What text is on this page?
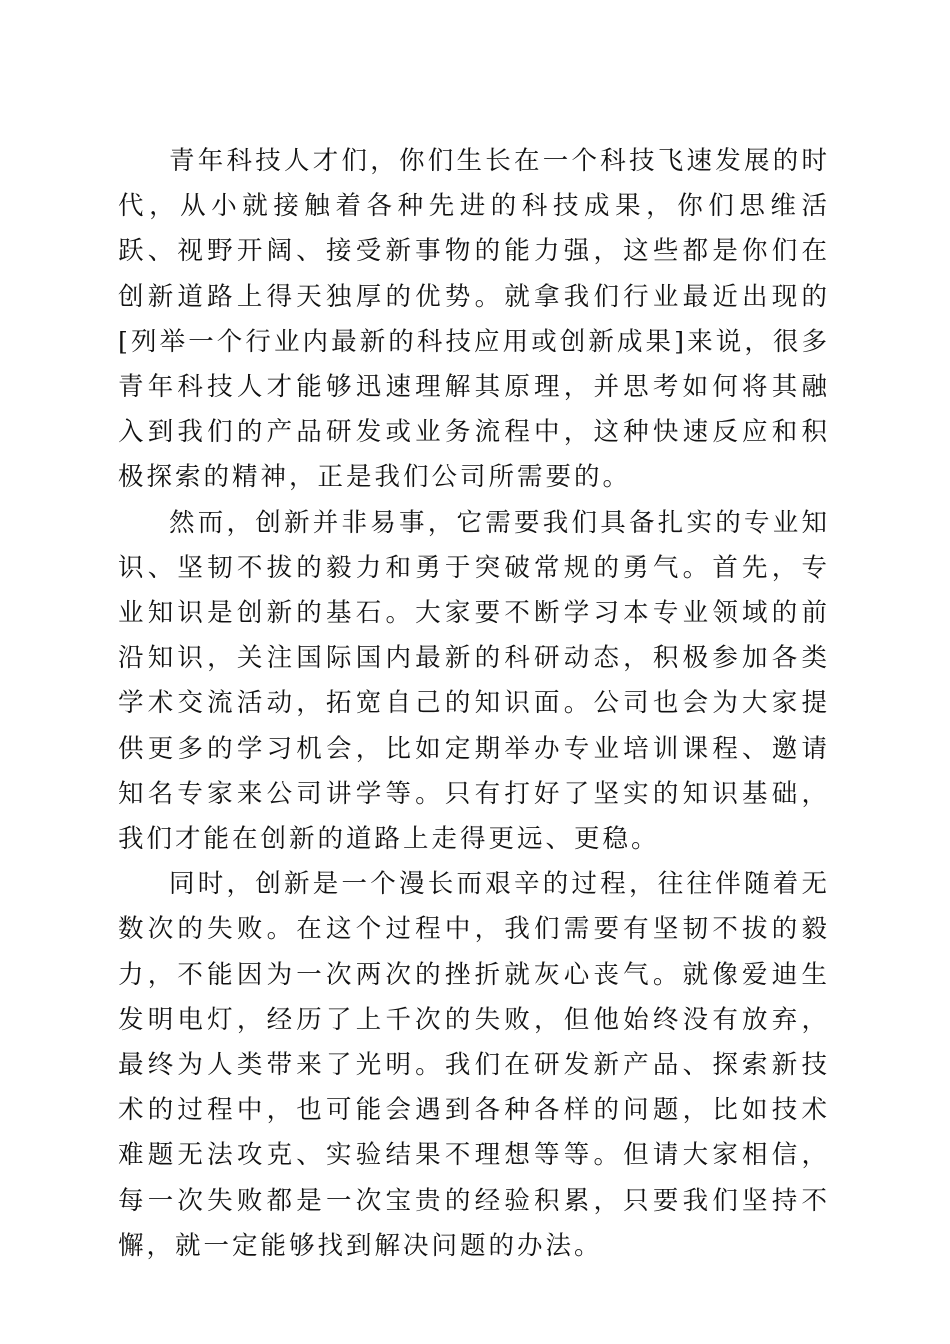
青年科技人才们，你们生长在一个科技飞速发展的时代，从小就接触着各种先进的科技成果，你们思维活跃、视野开阔、接受新事物的能力强，这些都是你们在创新道路上得天独厚的优势。就拿我们行业最近出现的[列举一个行业内最新的科技应用或创新成果]来说，很多青年科技人才能够迅速理解其原理，并思考如何将其融入到我们的产品研发或业务流程中，这种快速反应和积极探索的精神，正是我们公司所需要的。

然而，创新并非易事，它需要我们具备扎实的专业知识、坚韧不拔的毅力和勇于突破常规的勇气。首先，专业知识是创新的基石。大家要不断学习本专业领域的前沿知识，关注国际国内最新的科研动态，积极参加各类学术交流活动，拓宽自己的知识面。公司也会为大家提供更多的学习机会，比如定期举办专业培训课程、邀请知名专家来公司讲学等。只有打好了坚实的知识基础，我们才能在创新的道路上走得更远、更稳。

同时，创新是一个漫长而艰辛的过程，往往伴随着无数次的失败。在这个过程中，我们需要有坚韧不拔的毅力，不能因为一次两次的挫折就灰心丧气。就像爱迪生发明电灯，经历了上千次的失败，但他始终没有放弃，最终为人类带来了光明。我们在研发新产品、探索新技术的过程中，也可能会遇到各种各样的问题，比如技术难题无法攻克、实验结果不理想等等。但请大家相信，每一次失败都是一次宝贵的经验积累，只要我们坚持不懈，就一定能够找到解决问题的办法。
